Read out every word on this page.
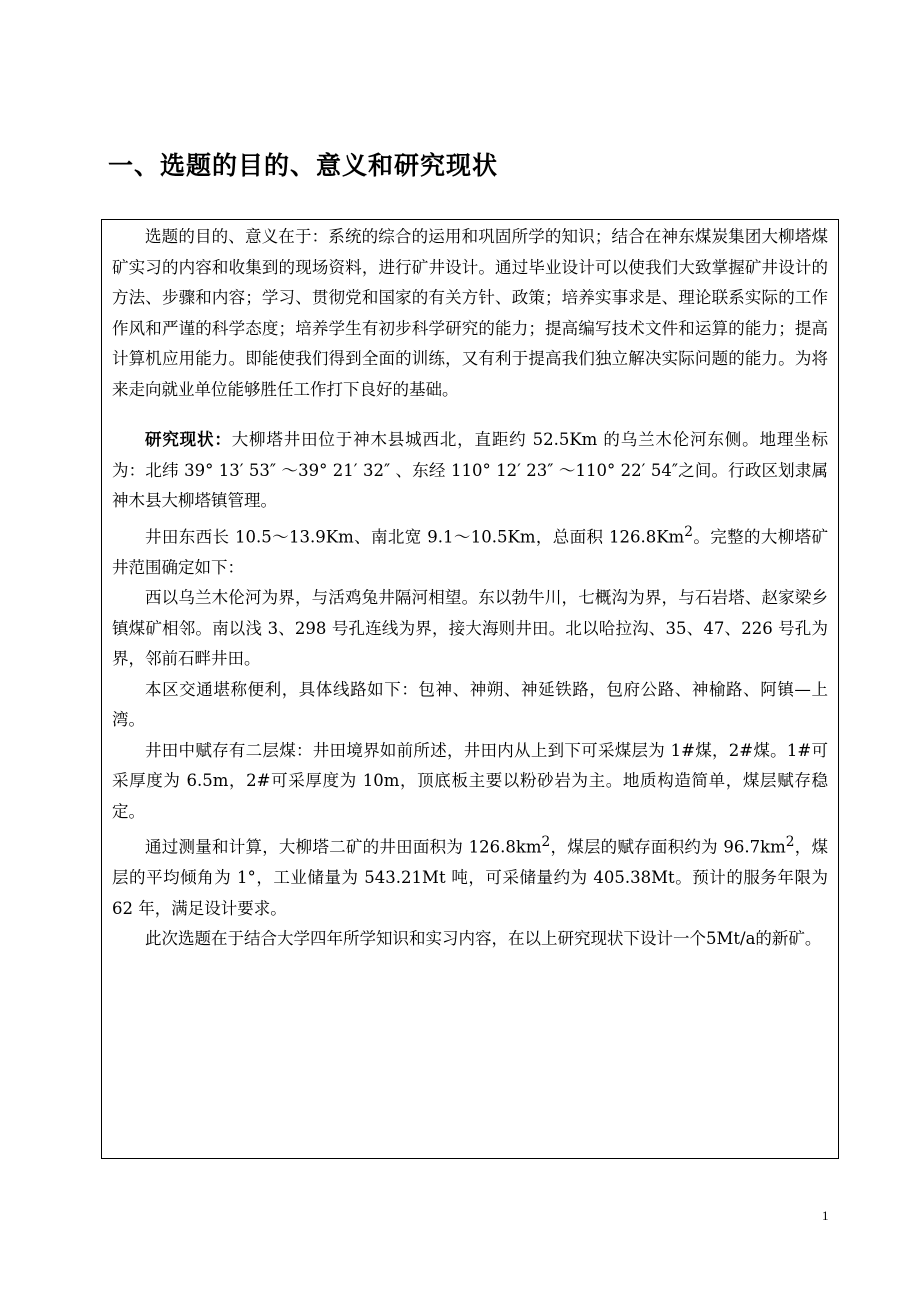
一、选题的目的、意义和研究现状

选题的目的、意义在于：系统的综合的运用和巩固所学的知识；结合在神东煤炭集团大柳塔煤矿实习的内容和收集到的现场资料，进行矿井设计。通过毕业设计可以使我们大致掌握矿井设计的方法、步骤和内容；学习、贯彻党和国家的有关方针、政策；培养实事求是、理论联系实际的工作作风和严谨的科学态度；培养学生有初步科学研究的能力；提高编写技术文件和运算的能力；提高计算机应用能力。即能使我们得到全面的训练，又有利于提高我们独立解决实际问题的能力。为将来走向就业单位能够胜任工作打下良好的基础。

研究现状：大柳塔井田位于神木县城西北，直距约 52.5Km 的乌兰木伦河东侧。地理坐标为：北纬 39° 13′ 53″ ～39° 21′ 32″ 、东经 110° 12′ 23″ ～110° 22′ 54″之间。行政区划隶属神木县大柳塔镇管理。

井田东西长 10.5～13.9Km、南北宽 9.1～10.5Km，总面积 126.8Km$^2$。完整的大柳塔矿井范围确定如下：

西以乌兰木伦河为界，与活鸡兔井隔河相望。东以勃牛川，七概沟为界，与石岩塔、赵家梁乡镇煤矿相邻。南以浅 3、298 号孔连线为界，接大海则井田。北以哈拉沟、35、47、226 号孔为界，邻前石畔井田。

本区交通堪称便利，具体线路如下：包神、神朔、神延铁路，包府公路、神榆路、阿镇—上湾。

井田中赋存有二层煤：井田境界如前所述，井田内从上到下可采煤层为 1#煤，2#煤。1#可采厚度为 6.5m，2#可采厚度为 10m，顶底板主要以粉砂岩为主。地质构造简单，煤层赋存稳定。

通过测量和计算，大柳塔二矿的井田面积为 $126.8km^2$，煤层的赋存面积约为 $96.7km^2$，煤层的平均倾角为 1°，工业储量为 543.21Mt 吨，可采储量约为 405.38Mt。预计的服务年限为 62 年，满足设计要求。

此次选题在于结合大学四年所学知识和实习内容，在以上研究现状下设计一个5Mt/a的新矿。

1
